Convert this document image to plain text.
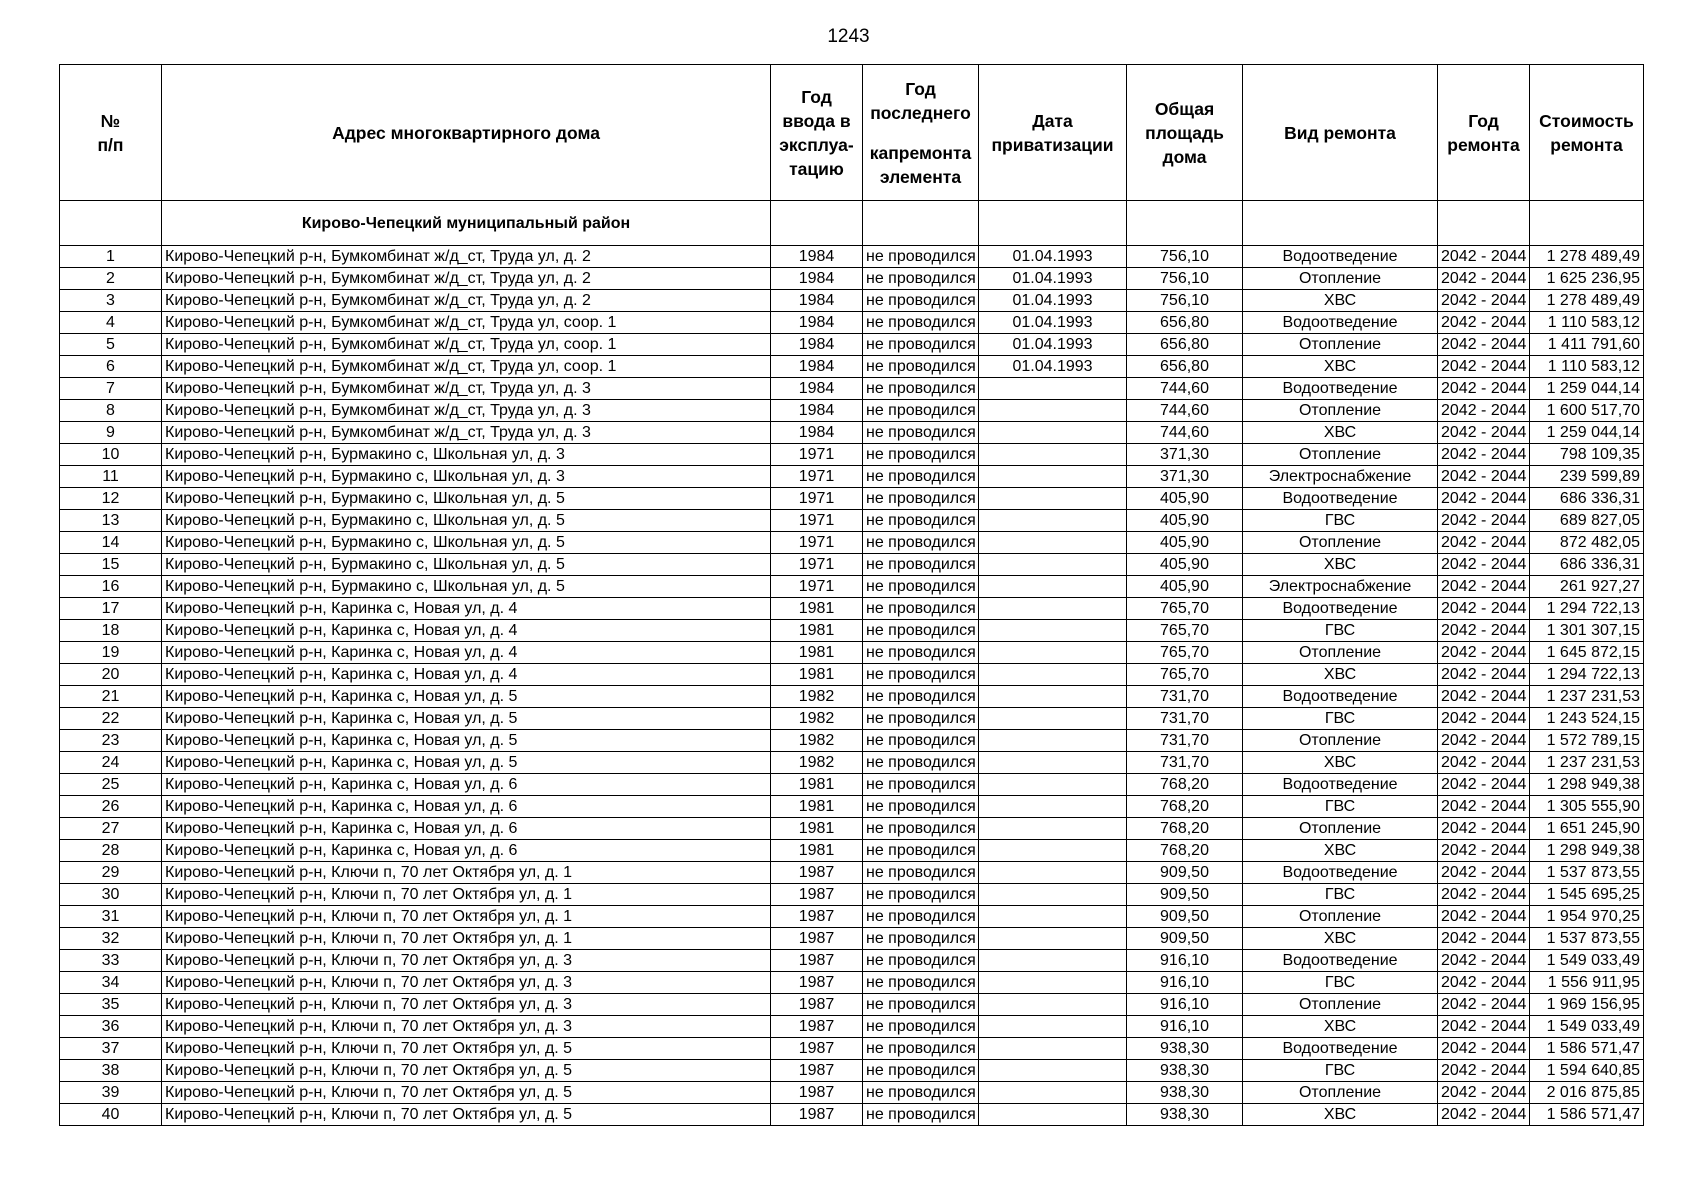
1243
№
п/п	Адрес многоквартирного дома	Год
ввода в
эксплуа-
тацию	Год
последнего
капремонта
элемента	Дата
приватизации	Общая
площадь
дома	Вид ремонта	Год
ремонта	Стоимость
ремонта

	Кирово-Чепецкий муниципальный район							
1	Кирово-Чепецкий р-н, Бумкомбинат ж/д_ст, Труда ул, д. 2	1984	не проводился	01.04.1993	756,10	Водоотведение	2042 - 2044	1 278 489,49
2	Кирово-Чепецкий р-н, Бумкомбинат ж/д_ст, Труда ул, д. 2	1984	не проводился	01.04.1993	756,10	Отопление	2042 - 2044	1 625 236,95
3	Кирово-Чепецкий р-н, Бумкомбинат ж/д_ст, Труда ул, д. 2	1984	не проводился	01.04.1993	756,10	ХВС	2042 - 2044	1 278 489,49
4	Кирово-Чепецкий р-н, Бумкомбинат ж/д_ст, Труда ул, соор. 1	1984	не проводился	01.04.1993	656,80	Водоотведение	2042 - 2044	1 110 583,12
5	Кирово-Чепецкий р-н, Бумкомбинат ж/д_ст, Труда ул, соор. 1	1984	не проводился	01.04.1993	656,80	Отопление	2042 - 2044	1 411 791,60
6	Кирово-Чепецкий р-н, Бумкомбинат ж/д_ст, Труда ул, соор. 1	1984	не проводился	01.04.1993	656,80	ХВС	2042 - 2044	1 110 583,12
7	Кирово-Чепецкий р-н, Бумкомбинат ж/д_ст, Труда ул, д. 3	1984	не проводился		744,60	Водоотведение	2042 - 2044	1 259 044,14
8	Кирово-Чепецкий р-н, Бумкомбинат ж/д_ст, Труда ул, д. 3	1984	не проводился		744,60	Отопление	2042 - 2044	1 600 517,70
9	Кирово-Чепецкий р-н, Бумкомбинат ж/д_ст, Труда ул, д. 3	1984	не проводился		744,60	ХВС	2042 - 2044	1 259 044,14
10	Кирово-Чепецкий р-н, Бурмакино с, Школьная ул, д. 3	1971	не проводился		371,30	Отопление	2042 - 2044	798 109,35
11	Кирово-Чепецкий р-н, Бурмакино с, Школьная ул, д. 3	1971	не проводился		371,30	Электроснабжение	2042 - 2044	239 599,89
12	Кирово-Чепецкий р-н, Бурмакино с, Школьная ул, д. 5	1971	не проводился		405,90	Водоотведение	2042 - 2044	686 336,31
13	Кирово-Чепецкий р-н, Бурмакино с, Школьная ул, д. 5	1971	не проводился		405,90	ГВС	2042 - 2044	689 827,05
14	Кирово-Чепецкий р-н, Бурмакино с, Школьная ул, д. 5	1971	не проводился		405,90	Отопление	2042 - 2044	872 482,05
15	Кирово-Чепецкий р-н, Бурмакино с, Школьная ул, д. 5	1971	не проводился		405,90	ХВС	2042 - 2044	686 336,31
16	Кирово-Чепецкий р-н, Бурмакино с, Школьная ул, д. 5	1971	не проводился		405,90	Электроснабжение	2042 - 2044	261 927,27
17	Кирово-Чепецкий р-н, Каринка с, Новая ул, д. 4	1981	не проводился		765,70	Водоотведение	2042 - 2044	1 294 722,13
18	Кирово-Чепецкий р-н, Каринка с, Новая ул, д. 4	1981	не проводился		765,70	ГВС	2042 - 2044	1 301 307,15
19	Кирово-Чепецкий р-н, Каринка с, Новая ул, д. 4	1981	не проводился		765,70	Отопление	2042 - 2044	1 645 872,15
20	Кирово-Чепецкий р-н, Каринка с, Новая ул, д. 4	1981	не проводился		765,70	ХВС	2042 - 2044	1 294 722,13
21	Кирово-Чепецкий р-н, Каринка с, Новая ул, д. 5	1982	не проводился		731,70	Водоотведение	2042 - 2044	1 237 231,53
22	Кирово-Чепецкий р-н, Каринка с, Новая ул, д. 5	1982	не проводился		731,70	ГВС	2042 - 2044	1 243 524,15
23	Кирово-Чепецкий р-н, Каринка с, Новая ул, д. 5	1982	не проводился		731,70	Отопление	2042 - 2044	1 572 789,15
24	Кирово-Чепецкий р-н, Каринка с, Новая ул, д. 5	1982	не проводился		731,70	ХВС	2042 - 2044	1 237 231,53
25	Кирово-Чепецкий р-н, Каринка с, Новая ул, д. 6	1981	не проводился		768,20	Водоотведение	2042 - 2044	1 298 949,38
26	Кирово-Чепецкий р-н, Каринка с, Новая ул, д. 6	1981	не проводился		768,20	ГВС	2042 - 2044	1 305 555,90
27	Кирово-Чепецкий р-н, Каринка с, Новая ул, д. 6	1981	не проводился		768,20	Отопление	2042 - 2044	1 651 245,90
28	Кирово-Чепецкий р-н, Каринка с, Новая ул, д. 6	1981	не проводился		768,20	ХВС	2042 - 2044	1 298 949,38
29	Кирово-Чепецкий р-н, Ключи п, 70 лет Октября ул, д. 1	1987	не проводился		909,50	Водоотведение	2042 - 2044	1 537 873,55
30	Кирово-Чепецкий р-н, Ключи п, 70 лет Октября ул, д. 1	1987	не проводился		909,50	ГВС	2042 - 2044	1 545 695,25
31	Кирово-Чепецкий р-н, Ключи п, 70 лет Октября ул, д. 1	1987	не проводился		909,50	Отопление	2042 - 2044	1 954 970,25
32	Кирово-Чепецкий р-н, Ключи п, 70 лет Октября ул, д. 1	1987	не проводился		909,50	ХВС	2042 - 2044	1 537 873,55
33	Кирово-Чепецкий р-н, Ключи п, 70 лет Октября ул, д. 3	1987	не проводился		916,10	Водоотведение	2042 - 2044	1 549 033,49
34	Кирово-Чепецкий р-н, Ключи п, 70 лет Октября ул, д. 3	1987	не проводился		916,10	ГВС	2042 - 2044	1 556 911,95
35	Кирово-Чепецкий р-н, Ключи п, 70 лет Октября ул, д. 3	1987	не проводился		916,10	Отопление	2042 - 2044	1 969 156,95
36	Кирово-Чепецкий р-н, Ключи п, 70 лет Октября ул, д. 3	1987	не проводился		916,10	ХВС	2042 - 2044	1 549 033,49
37	Кирово-Чепецкий р-н, Ключи п, 70 лет Октября ул, д. 5	1987	не проводился		938,30	Водоотведение	2042 - 2044	1 586 571,47
38	Кирово-Чепецкий р-н, Ключи п, 70 лет Октября ул, д. 5	1987	не проводился		938,30	ГВС	2042 - 2044	1 594 640,85
39	Кирово-Чепецкий р-н, Ключи п, 70 лет Октября ул, д. 5	1987	не проводился		938,30	Отопление	2042 - 2044	2 016 875,85
40	Кирово-Чепецкий р-н, Ключи п, 70 лет Октября ул, д. 5	1987	не проводился		938,30	ХВС	2042 - 2044	1 586 571,47
